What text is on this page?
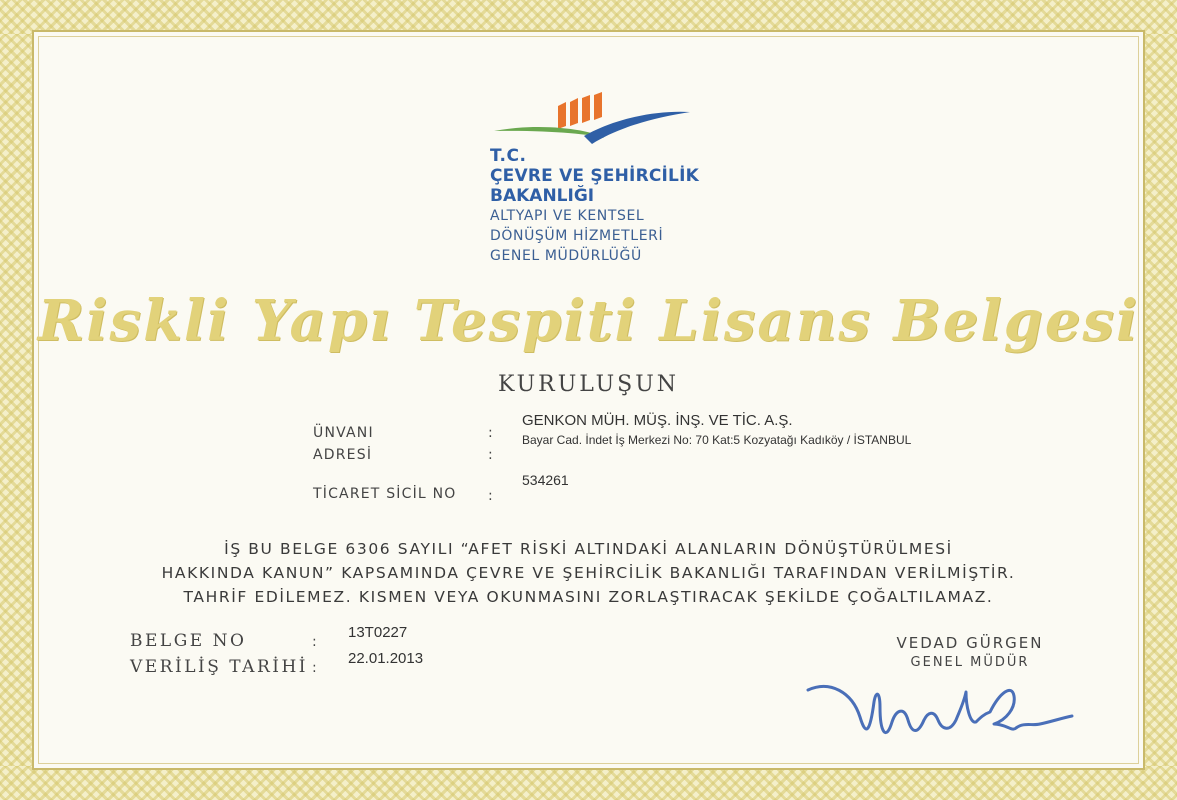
T.C.
ÇEVRE VE ŞEHİRCİLİK
BAKANLIĞI
ALTYAPI VE KENTSEL
DÖNÜŞÜM HİZMETLERİ
GENEL MÜDÜRLÜĞÜ
Riskli Yapı Tespiti Lisans Belgesi
KURULUŞUN
ÜNVANI	:
GENKON MÜH. MÜŞ. İNŞ. VE TİC. A.Ş.
ADRESİ	:
Bayar Cad. İndet İş Merkezi No: 70 Kat:5 Kozyatağı Kadıköy / İSTANBUL
TİCARET SİCİL NO :
534261
İŞ BU BELGE 6306 SAYILI “AFET RİSKİ ALTINDAKİ ALANLARIN DÖNÜŞTÜRÜLMESİ
HAKKINDA KANUN” KAPSAMINDA ÇEVRE VE ŞEHİRCİLİK BAKANLIĞI TARAFINDAN VERİLMİŞTİR.
TAHRİF EDİLEMEZ. KISMEN VEYA OKUNMASINI ZORLAŞTIRACAK ŞEKİLDE ÇOĞALTILAMAZ.
BELGE NO	:
13T0227
VERİLİŞ TARİHİ :
22.01.2013
VEDAD GÜRGEN
GENEL MÜDÜR
